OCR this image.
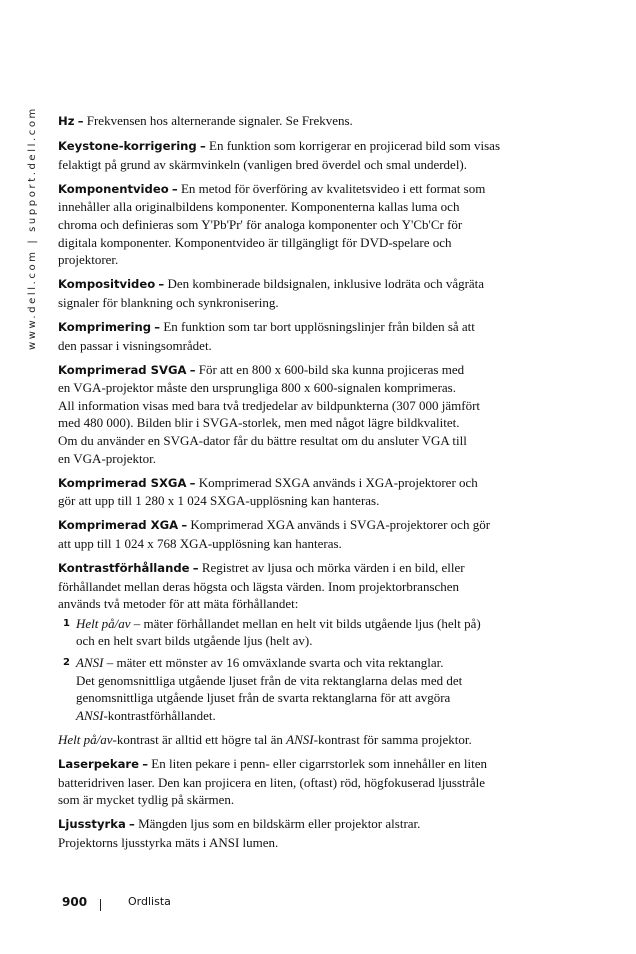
www.dell.com | support.dell.com Hz – Frekvensen hos alternerande signaler. Se Frekvens.

Keystone-korrigering – En funktion som korrigerar en projicerad bild som visas
felaktigt på grund av skärmvinkeln (vanligen bred överdel och smal underdel).

Komponentvideo – En metod för överföring av kvalitetsvideo i ett format som
innehåller alla originalbildens komponenter. Komponenterna kallas luma och
chroma och definieras som Y'Pb'Pr' för analoga komponenter och Y'Cb'Cr för
digitala komponenter. Komponentvideo är tillgängligt för DVD-spelare och
projektorer.

Kompositvideo – Den kombinerade bildsignalen, inklusive lodräta och vågräta
signaler för blankning och synkronisering.

Komprimering – En funktion som tar bort upplösningslinjer från bilden så att
den passar i visningsområdet.

Komprimerad SVGA – För att en 800 x 600-bild ska kunna projiceras med
en VGA-projektor måste den ursprungliga 800 x 600-signalen komprimeras.
All information visas med bara två tredjedelar av bildpunkterna (307 000 jämfört
med 480 000). Bilden blir i SVGA-storlek, men med något lägre bildkvalitet.
Om du använder en SVGA-dator får du bättre resultat om du ansluter VGA till
en VGA-projektor.

Komprimerad SXGA – Komprimerad SXGA används i XGA-projektorer och
gör att upp till 1 280 x 1 024 SXGA-upplösning kan hanteras.

Komprimerad XGA – Komprimerad XGA används i SVGA-projektorer och gör
att upp till 1 024 x 768 XGA-upplösning kan hanteras.

Kontrastförhållande – Registret av ljusa och mörka värden i en bild, eller
förhållandet mellan deras högsta och lägsta värden. Inom projektorbranschen
används två metoder för att mäta förhållandet:

1 Helt på/av – mäter förhållandet mellan en helt vit bilds utgående ljus (helt på)
och en helt svart bilds utgående ljus (helt av).
2 ANSI – mäter ett mönster av 16 omväxlande svarta och vita rektanglar.
Det genomsnittliga utgående ljuset från de vita rektanglarna delas med det
genomsnittliga utgående ljuset från de svarta rektanglarna för att avgöra
ANSI-kontrastförhållandet.

Helt på/av-kontrast är alltid ett högre tal än ANSI-kontrast för samma projektor.

Laserpekare – En liten pekare i penn- eller cigarrstorlek som innehåller en liten
batteridriven laser. Den kan projicera en liten, (oftast) röd, högfokuserad ljusstråle
som är mycket tydlig på skärmen.

Ljusstyrka – Mängden ljus som en bildskärm eller projektor alstrar.
Projektorns ljusstyrka mäts i ANSI lumen.

900	Ordlista
